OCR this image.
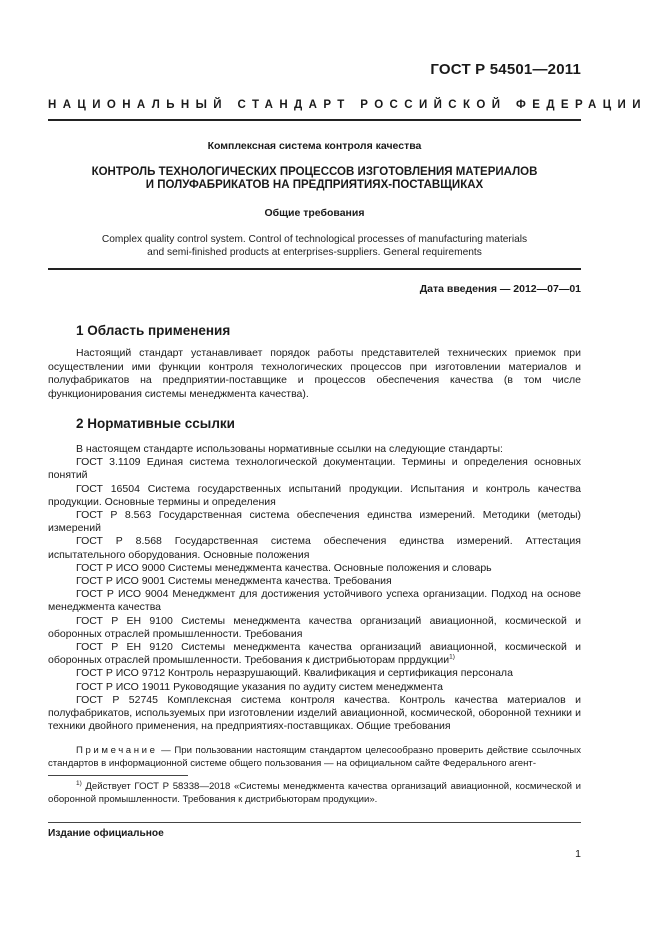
ГОСТ Р 54501—2011
НАЦИОНАЛЬНЫЙ СТАНДАРТ РОССИЙСКОЙ ФЕДЕРАЦИИ
Комплексная система контроля качества
КОНТРОЛЬ ТЕХНОЛОГИЧЕСКИХ ПРОЦЕССОВ ИЗГОТОВЛЕНИЯ МАТЕРИАЛОВ
И ПОЛУФАБРИКАТОВ НА ПРЕДПРИЯТИЯХ-ПОСТАВЩИКАХ
Общие требования
Complex quality control system. Control of technological processes of manufacturing materials
and semi-finished products at enterprises-suppliers. General requirements
Дата введения — 2012—07—01
1 Область применения
Настоящий стандарт устанавливает порядок работы представителей технических приемок при осуществлении ими функции контроля технологических процессов при изготовлении материалов и полуфабрикатов на предприятии-поставщике и процессов обеспечения качества (в том числе функционирования системы менеджмента качества).
2 Нормативные ссылки
В настоящем стандарте использованы нормативные ссылки на следующие стандарты:
ГОСТ 3.1109 Единая система технологической документации. Термины и определения основных понятий
ГОСТ 16504 Система государственных испытаний продукции. Испытания и контроль качества продукции. Основные термины и определения
ГОСТ Р 8.563 Государственная система обеспечения единства измерений. Методики (методы) измерений
ГОСТ Р 8.568 Государственная система обеспечения единства измерений. Аттестация испытательного оборудования. Основные положения
ГОСТ Р ИСО 9000 Системы менеджмента качества. Основные положения и словарь
ГОСТ Р ИСО 9001 Системы менеджмента качества. Требования
ГОСТ Р ИСО 9004 Менеджмент для достижения устойчивого успеха организации. Подход на основе менеджмента качества
ГОСТ Р ЕН 9100 Системы менеджмента качества организаций авиационной, космической и оборонных отраслей промышленности. Требования
ГОСТ Р ЕН 9120 Системы менеджмента качества организаций авиационной, космической и оборонных отраслей промышленности. Требования к дистрибьюторам прpдукции$^{1)}$
ГОСТ Р ИСО 9712 Контроль неразрушающий. Квалификация и сертификация персонала
ГОСТ Р ИСО 19011 Руководящие указания по аудиту систем менеджмента
ГОСТ Р 52745 Комплексная система контроля качества. Контроль качества материалов и полуфабрикатов, используемых при изготовлении изделий авиационной, космической, оборонной техники и техники двойного применения, на предприятиях-поставщиках. Общие требования
Примечание — При пользовании настоящим стандартом целесообразно проверить действие ссылочных стандартов в информационной системе общего пользования — на официальном сайте Федерального агент-
$^{1)}$ Действует ГОСТ Р 58338—2018 «Системы менеджмента качества организаций авиационной, космической и оборонной промышленности. Требования к дистрибьюторам продукции».
Издание официальное
1
